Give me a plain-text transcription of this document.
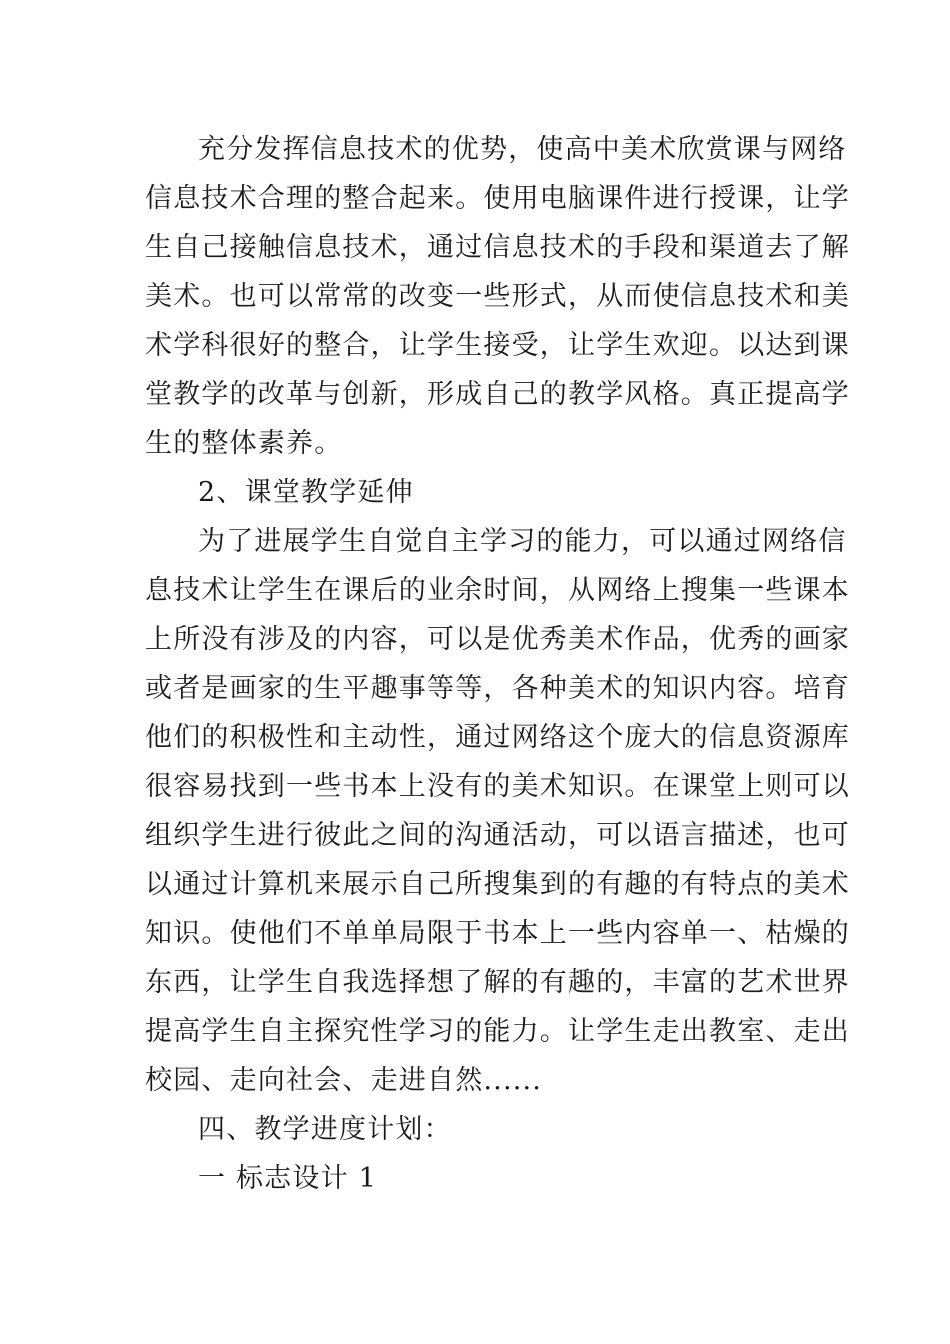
充分发挥信息技术的优势，使高中美术欣赏课与网络
信息技术合理的整合起来。使用电脑课件进行授课，让学
生自己接触信息技术，通过信息技术的手段和渠道去了解
美术。也可以常常的改变一些形式，从而使信息技术和美
术学科很好的整合，让学生接受，让学生欢迎。以达到课
堂教学的改革与创新，形成自己的教学风格。真正提高学
生的整体素养。
2、课堂教学延伸
为了进展学生自觉自主学习的能力，可以通过网络信
息技术让学生在课后的业余时间，从网络上搜集一些课本
上所没有涉及的内容，可以是优秀美术作品，优秀的画家
或者是画家的生平趣事等等，各种美术的知识内容。培育
他们的积极性和主动性，通过网络这个庞大的信息资源库
很容易找到一些书本上没有的美术知识。在课堂上则可以
组织学生进行彼此之间的沟通活动，可以语言描述，也可
以通过计算机来展示自己所搜集到的有趣的有特点的美术
知识。使他们不单单局限于书本上一些内容单一、枯燥的
东西，让学生自我选择想了解的有趣的，丰富的艺术世界
提高学生自主探究性学习的能力。让学生走出教室、走出
校园、走向社会、走进自然......
四、教学进度计划：
一 标志设计 1
